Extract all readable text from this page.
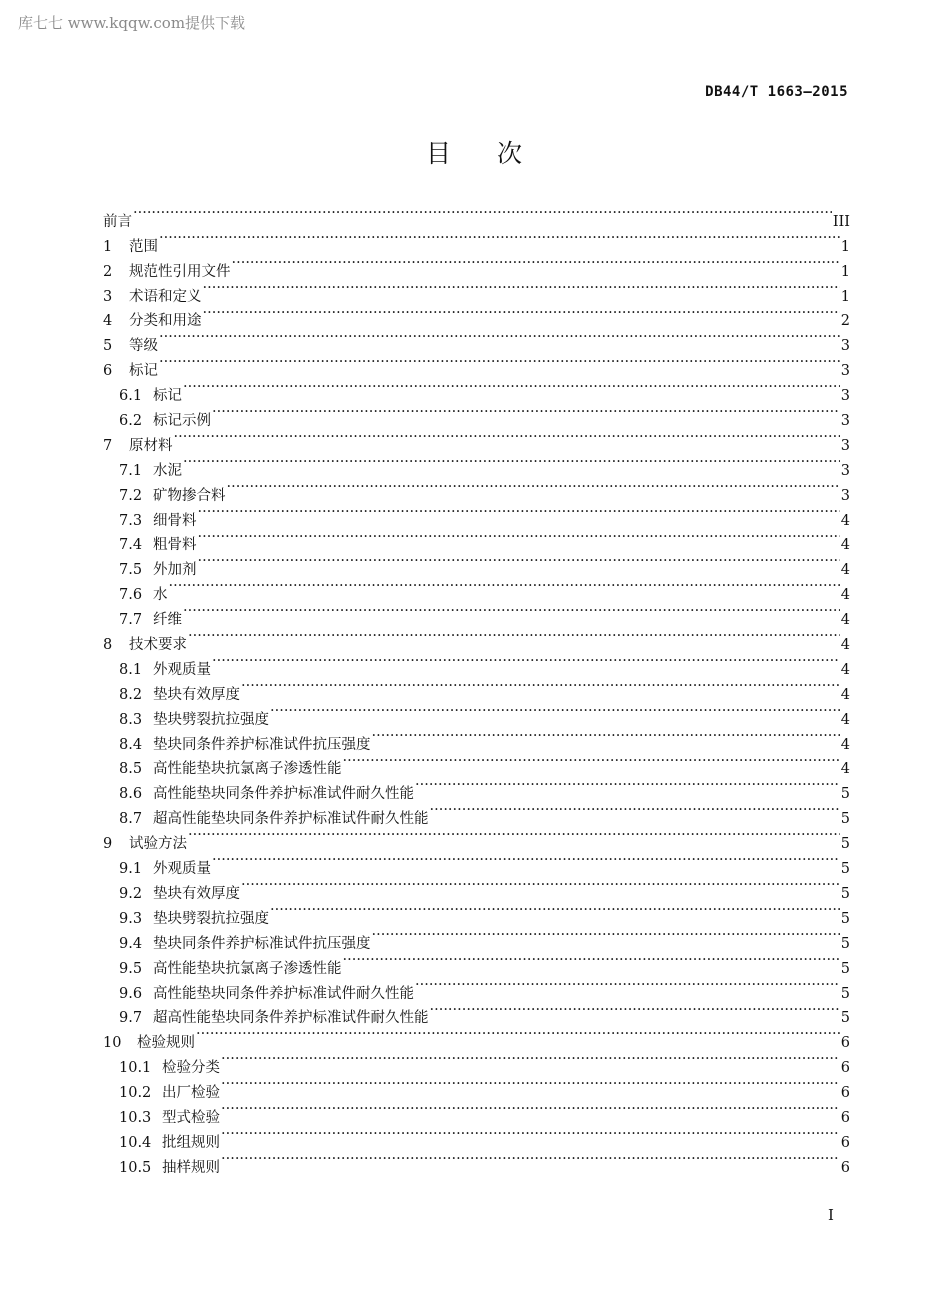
库七七 www.kqqw.com提供下载
DB44/T 1663—2015
目 次
前言 ·····	III
1	范围 ·····	1
2	规范性引用文件 ·····	1
3	术语和定义 ·····	1
4	分类和用途 ·····	2
5	等级 ·····	3
6	标记 ·····	3
6.1 标记 ·····	3
6.2 标记示例 ·····	3
7	原材料 ·····	3
7.1 水泥 ·····	3
7.2 矿物掺合料 ·····	3
7.3 细骨料 ·····	4
7.4 粗骨料 ·····	4
7.5 外加剂 ·····	4
7.6 水 ·····	4
7.7 纤维 ·····	4
8	技术要求 ·····	4
8.1 外观质量 ·····	4
8.2 垫块有效厚度 ·····	4
8.3 垫块劈裂抗拉强度 ·····	4
8.4 垫块同条件养护标准试件抗压强度 ·····	4
8.5 高性能垫块抗氯离子渗透性能 ·····	4
8.6 高性能垫块同条件养护标准试件耐久性能 ·····	5
8.7 超高性能垫块同条件养护标准试件耐久性能 ·····	5
9	试验方法 ·····	5
9.1 外观质量 ·····	5
9.2 垫块有效厚度 ·····	5
9.3 垫块劈裂抗拉强度 ·····	5
9.4 垫块同条件养护标准试件抗压强度 ·····	5
9.5 高性能垫块抗氯离子渗透性能 ·····	5
9.6 高性能垫块同条件养护标准试件耐久性能 ·····	5
9.7 超高性能垫块同条件养护标准试件耐久性能 ·····	5
10	检验规则 ·····	6
10.1 检验分类 ·····	6
10.2 出厂检验 ·····	6
10.3 型式检验 ·····	6
10.4 批组规则 ·····	6
10.5 抽样规则 ·····	6
I
